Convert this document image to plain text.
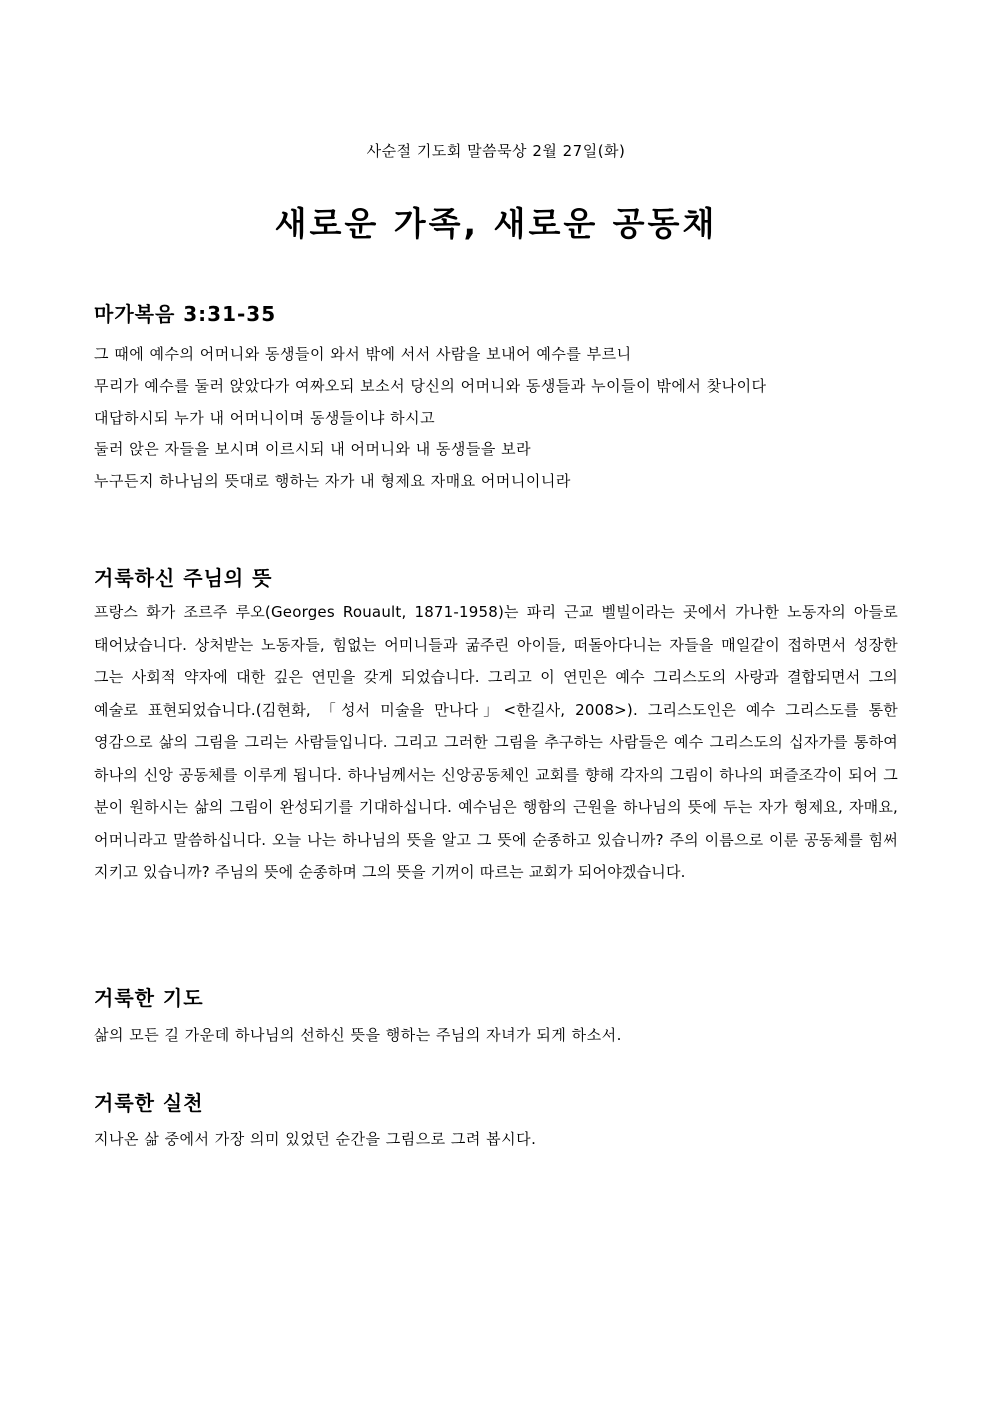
사순절 기도회 말씀묵상 2월 27일(화)
새로운 가족, 새로운 공동채
마가복음 3:31-35
그 때에 예수의 어머니와 동생들이 와서 밖에 서서 사람을 보내어 예수를 부르니
무리가 예수를 둘러 앉았다가 여짜오되 보소서 당신의 어머니와 동생들과 누이들이 밖에서 찾나이다
대답하시되 누가 내 어머니이며 동생들이냐 하시고
둘러 앉은 자들을 보시며 이르시되 내 어머니와 내 동생들을 보라
누구든지 하나님의 뜻대로 행하는 자가 내 형제요 자매요 어머니이니라
거룩하신 주님의 뜻

프랑스 화가 조르주 루오(Georges Rouault, 1871-1958)는 파리 근교 벨빌이라는 곳에서 가나한 노동자의 아들로 태어났습니다. 상처받는 노동자들, 힘없는 어미니들과 굶주린 아이들, 떠돌아다니는 자들을 매일같이 접하면서 성장한 그는 사회적 약자에 대한 깊은 연민을 갖게 되었습니다. 그리고 이 연민은 예수 그리스도의 사랑과 결합되면서 그의 예술로 표현되었습니다.(김현화, 「성서 미술을 만나다」<한길사, 2008>). 그리스도인은 예수 그리스도를 통한 영감으로 삶의 그림을 그리는 사람들입니다. 그리고 그러한 그림을 추구하는 사람들은 예수 그리스도의 십자가를 통하여 하나의 신앙 공동체를 이루게 됩니다. 하나님께서는 신앙공동체인 교회를 향해 각자의 그림이 하나의 퍼즐조각이 되어 그 분이 원하시는 삶의 그림이 완성되기를 기대하십니다. 예수님은 행함의 근원을 하나님의 뜻에 두는 자가 형제요, 자매요, 어머니라고 말씀하십니다. 오늘 나는 하나님의 뜻을 알고 그 뜻에 순종하고 있습니까? 주의 이름으로 이룬 공동체를 힘써 지키고 있습니까? 주님의 뜻에 순종하며 그의 뜻을 기꺼이 따르는 교회가 되어야겠습니다.

거룩한 기도

삶의 모든 길 가운데 하나님의 선하신 뜻을 행하는 주님의 자녀가 되게 하소서.

거룩한 실천

지나온 삶 중에서 가장 의미 있었던 순간을 그림으로 그려 봅시다.
